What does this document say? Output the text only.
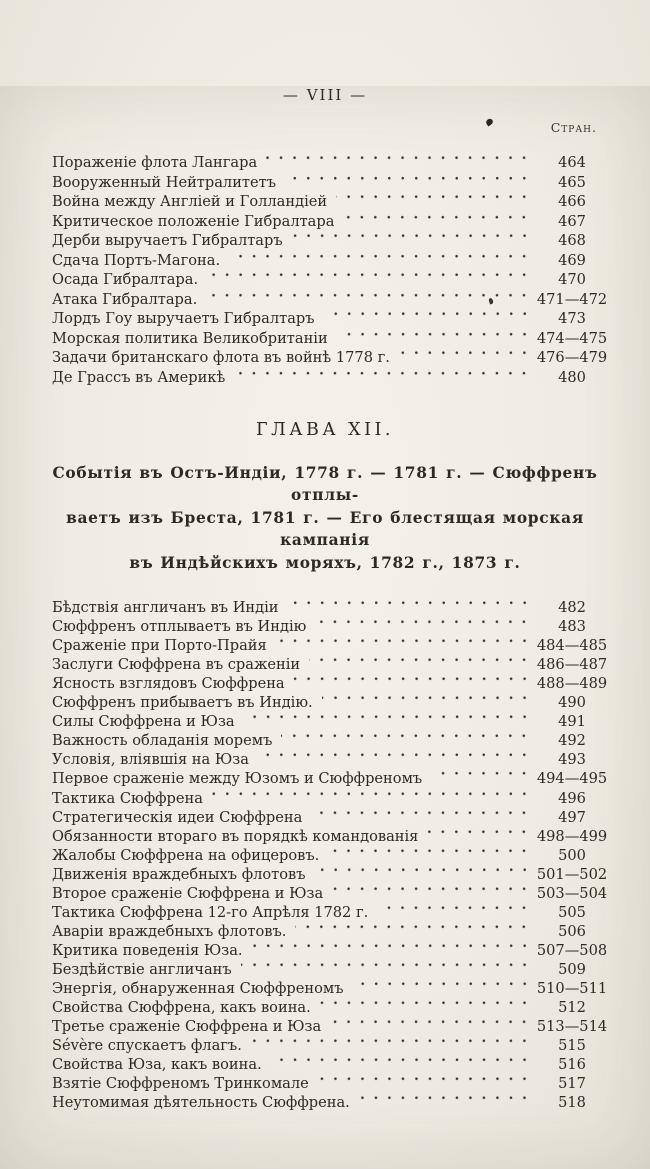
— VIII —
Стран.
Пораженіе флота Лангара	464
Вооруженный Нейтралитетъ	465
Война между Англіей и Голландіей	466
Критическое положеніе Гибралтара	467
Дерби выручаетъ Гибралтаръ	468
Сдача Портъ-Магона.	469
Осада Гибралтара.	470
Атака Гибралтара.	471—472
Лордъ Гоу выручаетъ Гибралтаръ	473
Морская политика Великобританіи	474—475
Задачи британскаго флота въ войнѣ 1778 г.	476—479
Де Грассъ въ Америкѣ	480
ГЛАВА XII.
Событія въ Остъ-Индіи, 1778 г. — 1781 г. — Сюффренъ отплы-
ваетъ изъ Бреста, 1781 г. — Его блестящая морская кампанія
въ Индѣйскихъ моряхъ, 1782 г., 1873 г.
Бѣдствія англичанъ въ Индіи	482
Сюффренъ отплываетъ въ Индію	483
Сраженіе при Порто-Прайя	484—485
Заслуги Сюффрена въ сраженіи	486—487
Ясность взглядовъ Сюффрена	488—489
Сюффренъ прибываетъ въ Индію.	490
Силы Сюффрена и Юза	491
Важность обладанія моремъ	492
Условія, вліявшія на Юза	493
Первое сраженіе между Юзомъ и Сюффреномъ	494—495
Тактика Сюффрена	496
Стратегическія идеи Сюффрена	497
Обязанности втораго въ порядкѣ командованія	498—499
Жалобы Сюффрена на офицеровъ.	500
Движенія враждебныхъ флотовъ	501—502
Второе сраженіе Сюффрена и Юза	503—504
Тактика Сюффрена 12-го Апрѣля 1782 г.	505
Аваріи враждебныхъ флотовъ.	506
Критика поведенія Юза.	507—508
Бездѣйствіе англичанъ	509
Энергія, обнаруженная Сюффреномъ	510—511
Свойства Сюффрена, какъ воина.	512
Третье сраженіе Сюффрена и Юза	513—514
Sévère спускаетъ флагъ.	515
Свойства Юза, какъ воина.	516
Взятіе Сюффреномъ Тринкомале	517
Неутомимая дѣятельность Сюффрена.	518
